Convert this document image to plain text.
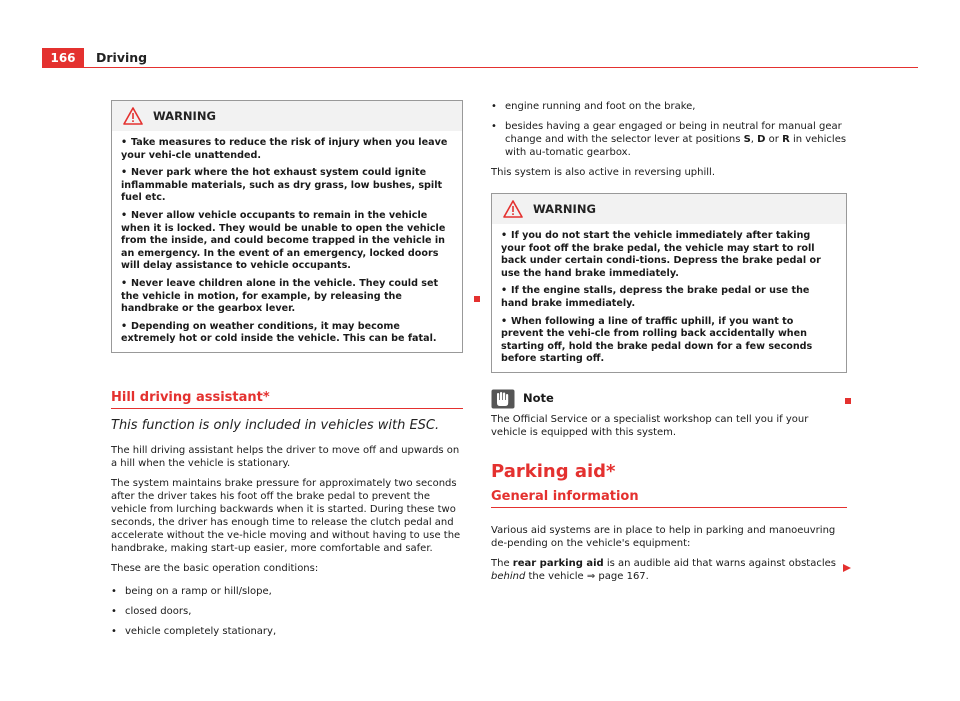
166	Driving
WARNING
• Take measures to reduce the risk of injury when you leave your vehi-cle unattended.
• Never park where the hot exhaust system could ignite inflammable materials, such as dry grass, low bushes, spilt fuel etc.
• Never allow vehicle occupants to remain in the vehicle when it is locked. They would be unable to open the vehicle from the inside, and could become trapped in the vehicle in an emergency. In the event of an emergency, locked doors will delay assistance to vehicle occupants.
• Never leave children alone in the vehicle. They could set the vehicle in motion, for example, by releasing the handbrake or the gearbox lever.
• Depending on weather conditions, it may become extremely hot or cold inside the vehicle. This can be fatal.
Hill driving assistant*
This function is only included in vehicles with ESC.

The hill driving assistant helps the driver to move off and upwards on a hill when the vehicle is stationary.

The system maintains brake pressure for approximately two seconds after the driver takes his foot off the brake pedal to prevent the vehicle from lurching backwards when it is started. During these two seconds, the driver has enough time to release the clutch pedal and accelerate without the ve-hicle moving and without having to use the handbrake, making start-up easier, more comfortable and safer.

These are the basic operation conditions:

• being on a ramp or hill/slope,
• closed doors,
• vehicle completely stationary,
• engine running and foot on the brake,
• besides having a gear engaged or being in neutral for manual gear change and with the selector lever at positions S, D or R in vehicles with au-tomatic gearbox.

This system is also active in reversing uphill.

WARNING
• If you do not start the vehicle immediately after taking your foot off the brake pedal, the vehicle may start to roll back under certain condi-tions. Depress the brake pedal or use the hand brake immediately.
• If the engine stalls, depress the brake pedal or use the hand brake immediately.
• When following a line of traffic uphill, if you want to prevent the vehi-cle from rolling back accidentally when starting off, hold the brake pedal down for a few seconds before starting off.
Note

The Official Service or a specialist workshop can tell you if your vehicle is equipped with this system.

Parking aid*
General information

Various aid systems are in place to help in parking and manoeuvring de-pending on the vehicle's equipment:

The rear parking aid is an audible aid that warns against obstacles behind the vehicle ⇒ page 167.
